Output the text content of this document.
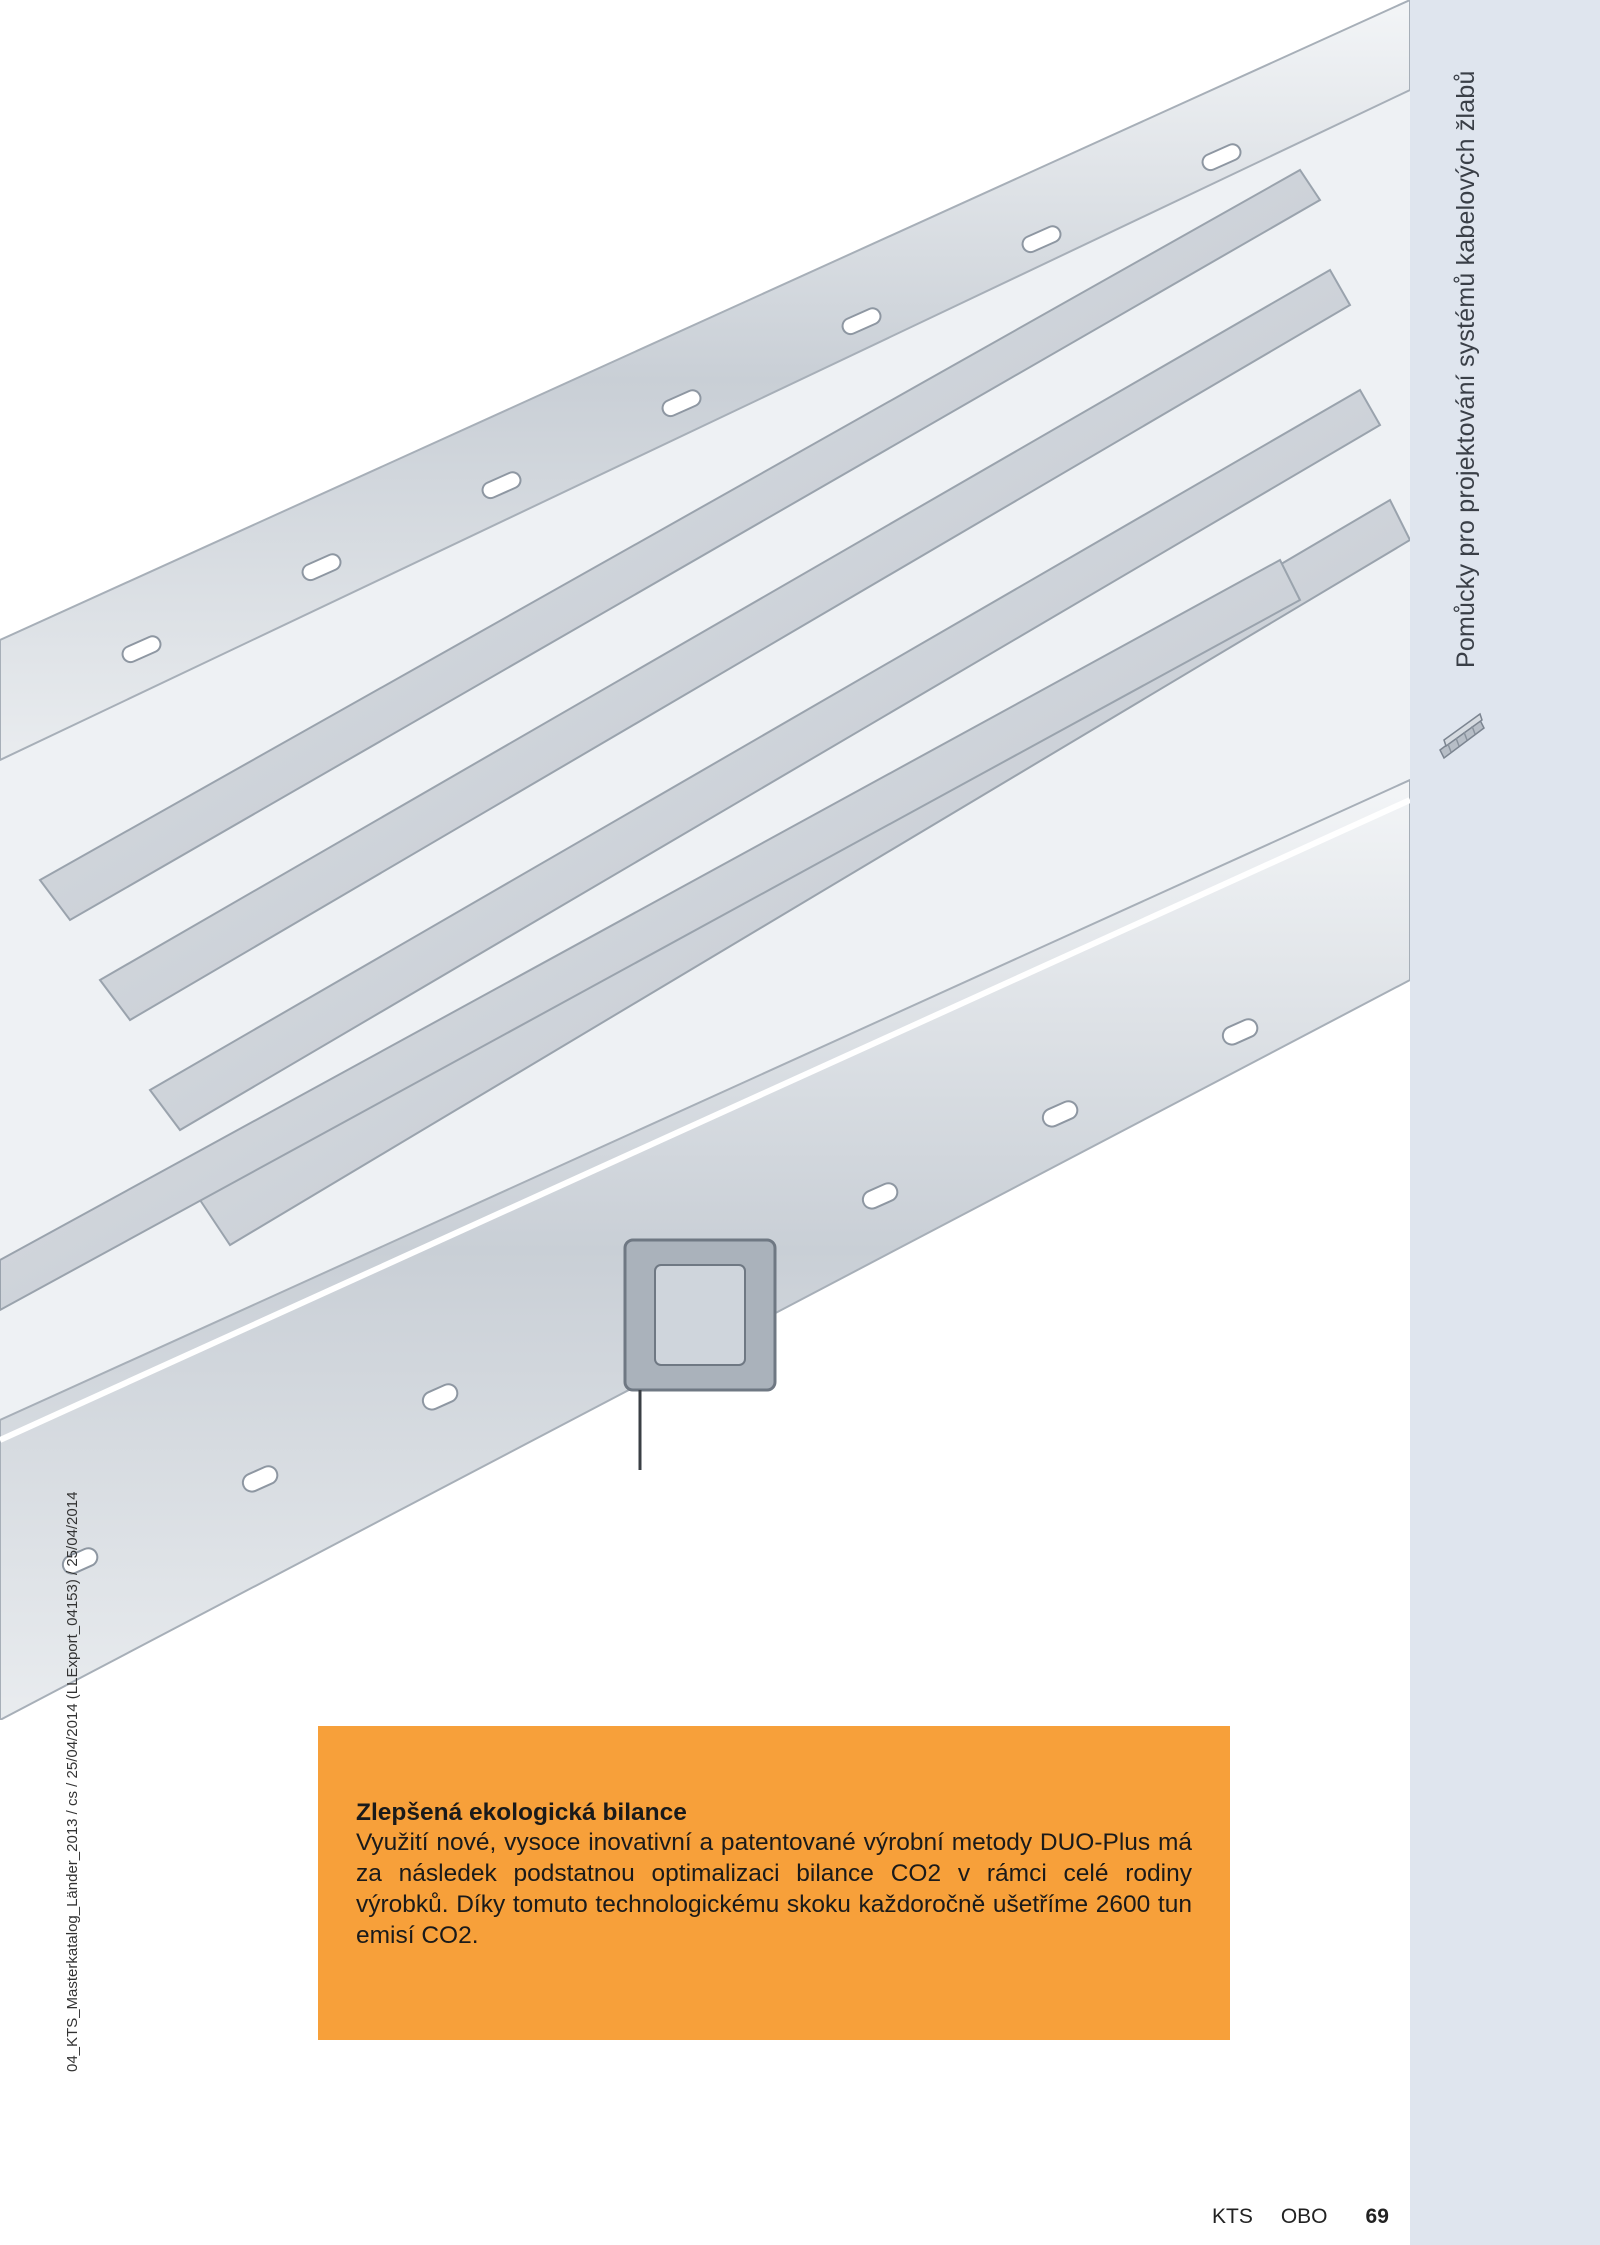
Pomůcky pro projektování systémů kabelových žlabů
04_KTS_Masterkatalog_Länder_2013 / cs / 25/04/2014 (LLExport_04153) / 25/04/2014	Zlepšená ekologická bilance
Využití nové, vysoce inovativní a patentované výrobní metody DUO-Plus má za následek podstatnou optimalizaci bilance CO2 v rámci celé rodiny výrobků. Díky tomuto technologickému skoku každoročně ušetříme 2600 tun emisí CO2.
KTS OBO 69
